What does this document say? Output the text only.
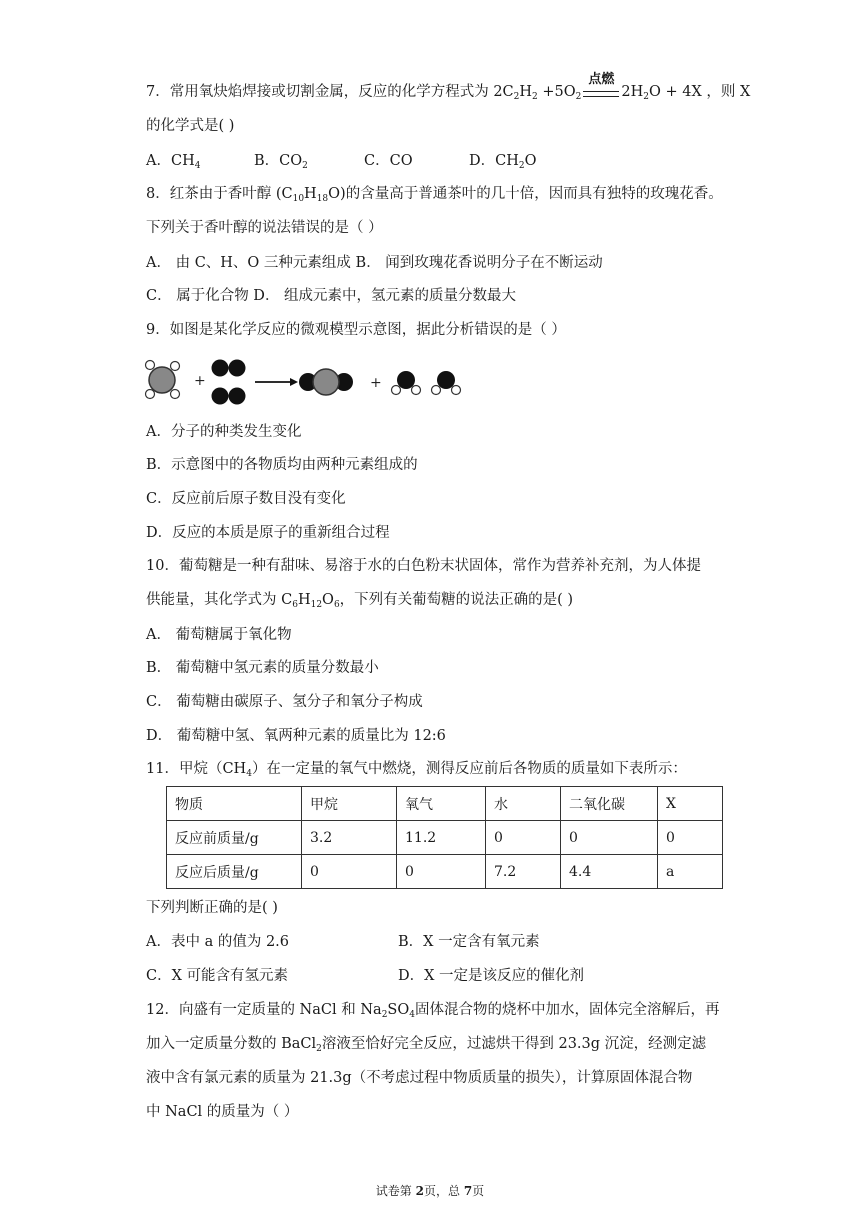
7．常用氧炔焰焊接或切割金属，反应的化学方程式为 $2C_2H_2 +5O_2$
点燃
$2H_2O + 4X$ ，则 X
的化学式是( )
A．$CH_4$	B．$CO_2$	C．CO	D．$CH_2O$
8．红茶由于香叶醇 $(C_{10}H_{18}O)$的含量高于普通茶叶的几十倍，因而具有独特的玫瑰花香。
下列关于香叶醇的说法错误的是（ ）
A． 由 C、H、O 三种元素组成 B． 闻到玫瑰花香说明分子在不断运动
C． 属于化合物 D． 组成元素中，氢元素的质量分数最大
9．如图是某化学反应的微观模型示意图，据此分析错误的是（ ）
+	+
A．分子的种类发生变化
B．示意图中的各物质均由两种元素组成的
C．反应前后原子数目没有变化
D．反应的本质是原子的重新组合过程
10．葡萄糖是一种有甜味、易溶于水的白色粉末状固体，常作为营养补充剂，为人体提
供能量，其化学式为 $C_6H_{12}O_6$，下列有关葡萄糖的说法正确的是( )
A． 葡萄糖属于氧化物
B． 葡萄糖中氢元素的质量分数最小
C． 葡萄糖由碳原子、氢分子和氧分子构成
D． 葡萄糖中氢、氧两种元素的质量比为 12:6
11．甲烷$(CH_4)$在一定量的氧气中燃烧，测得反应前后各物质的质量如下表所示：
物质	甲烷	氧气	水	二氧化碳	X
反应前质量/g	3.2	11.2	0	0	0
反应后质量/g	0	0	7.2	4.4	a
下列判断正确的是( )
A．表中 a 的值为 2.6	B．X 一定含有氧元素
C．X 可能含有氢元素	D．X 一定是该反应的催化剂
12．向盛有一定质量的 NaCl 和 $Na_2SO_4$固体混合物的烧杯中加水，固体完全溶解后，再
加入一定质量分数的 BaCl$_2$溶液至恰好完全反应，过滤烘干得到 23.3g 沉淀，经测定滤
液中含有氯元素的质量为 21.3g（不考虑过程中物质质量的损失），计算原固体混合物
中 NaCl 的质量为（ ）
试卷第 2页，总 7页
